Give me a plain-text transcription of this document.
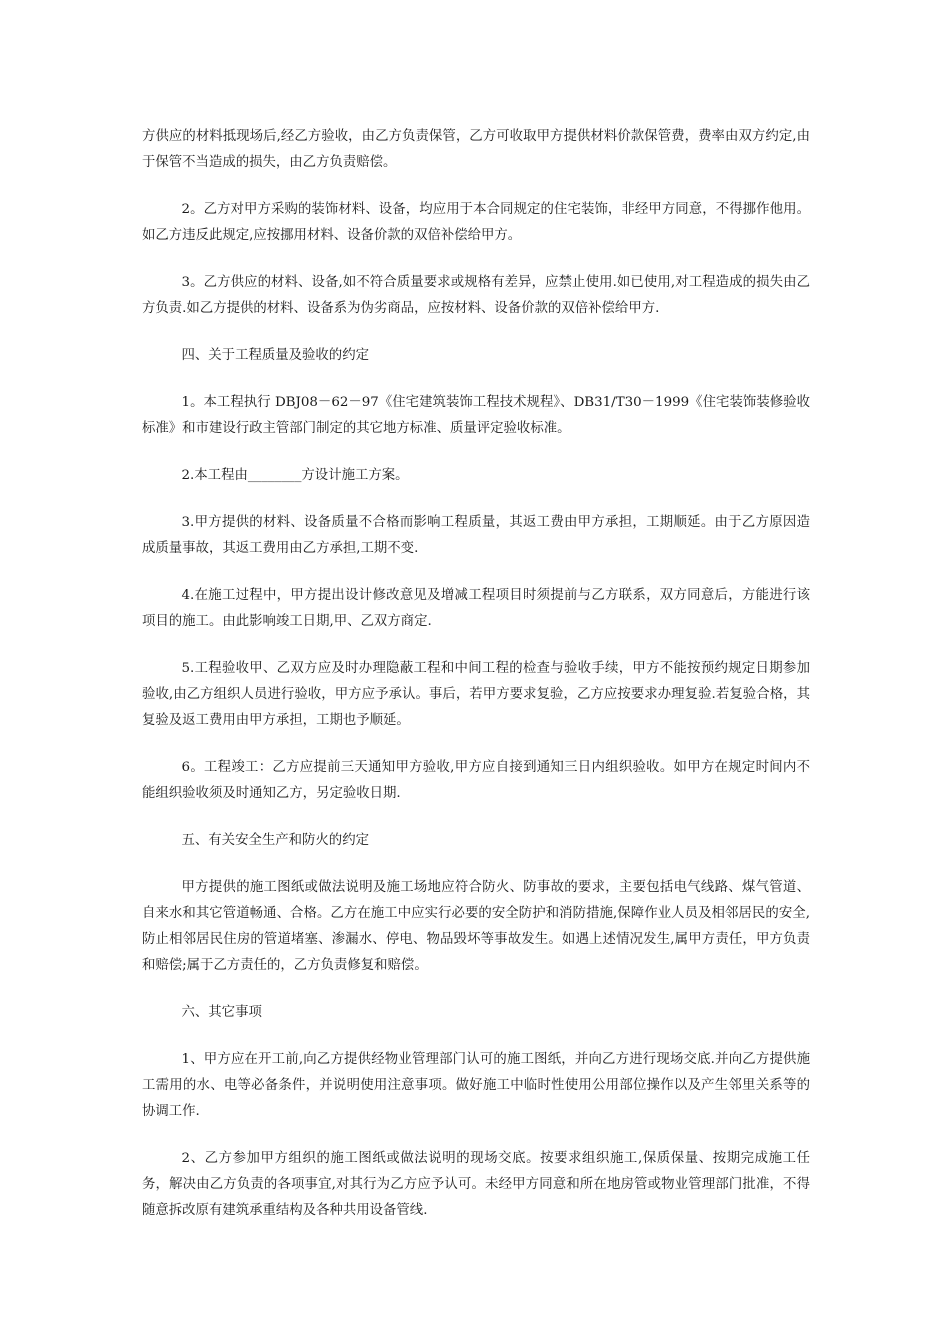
方供应的材料抵现场后,经乙方验收，由乙方负责保管，乙方可收取甲方提供材料价款保管费，费率由双方约定,由于保管不当造成的损失，由乙方负责赔偿。

2。乙方对甲方采购的装饰材料、设备，均应用于本合同规定的住宅装饰，非经甲方同意，不得挪作他用。如乙方违反此规定,应按挪用材料、设备价款的双倍补偿给甲方。

3。乙方供应的材料、设备,如不符合质量要求或规格有差异，应禁止使用.如已使用,对工程造成的损失由乙方负责.如乙方提供的材料、设备系为伪劣商品，应按材料、设备价款的双倍补偿给甲方.

四、关于工程质量及验收的约定

1。本工程执行 DBJ08－62－97《住宅建筑装饰工程技术规程》、DB31/T30－1999《住宅装饰装修验收标准》和市建设行政主管部门制定的其它地方标准、质量评定验收标准。

2.本工程由________方设计施工方案。

3.甲方提供的材料、设备质量不合格而影响工程质量，其返工费由甲方承担，工期顺延。由于乙方原因造成质量事故，其返工费用由乙方承担,工期不变.

4.在施工过程中，甲方提出设计修改意见及增减工程项目时须提前与乙方联系，双方同意后，方能进行该项目的施工。由此影响竣工日期,甲、乙双方商定.

5.工程验收甲、乙双方应及时办理隐蔽工程和中间工程的检查与验收手续，甲方不能按预约规定日期参加验收,由乙方组织人员进行验收，甲方应予承认。事后，若甲方要求复验，乙方应按要求办理复验.若复验合格，其复验及返工费用由甲方承担，工期也予顺延。

6。工程竣工：乙方应提前三天通知甲方验收,甲方应自接到通知三日内组织验收。如甲方在规定时间内不能组织验收须及时通知乙方，另定验收日期.

五、有关安全生产和防火的约定

甲方提供的施工图纸或做法说明及施工场地应符合防火、防事故的要求，主要包括电气线路、煤气管道、自来水和其它管道畅通、合格。乙方在施工中应实行必要的安全防护和消防措施,保障作业人员及相邻居民的安全,防止相邻居民住房的管道堵塞、渗漏水、停电、物品毁坏等事故发生。如遇上述情况发生,属甲方责任，甲方负责和赔偿;属于乙方责任的，乙方负责修复和赔偿。

六、其它事项

1、甲方应在开工前,向乙方提供经物业管理部门认可的施工图纸，并向乙方进行现场交底.并向乙方提供施工需用的水、电等必备条件，并说明使用注意事项。做好施工中临时性使用公用部位操作以及产生邻里关系等的协调工作.

2、乙方参加甲方组织的施工图纸或做法说明的现场交底。按要求组织施工,保质保量、按期完成施工任务，解决由乙方负责的各项事宜,对其行为乙方应予认可。未经甲方同意和所在地房管或物业管理部门批准，不得随意拆改原有建筑承重结构及各种共用设备管线.
